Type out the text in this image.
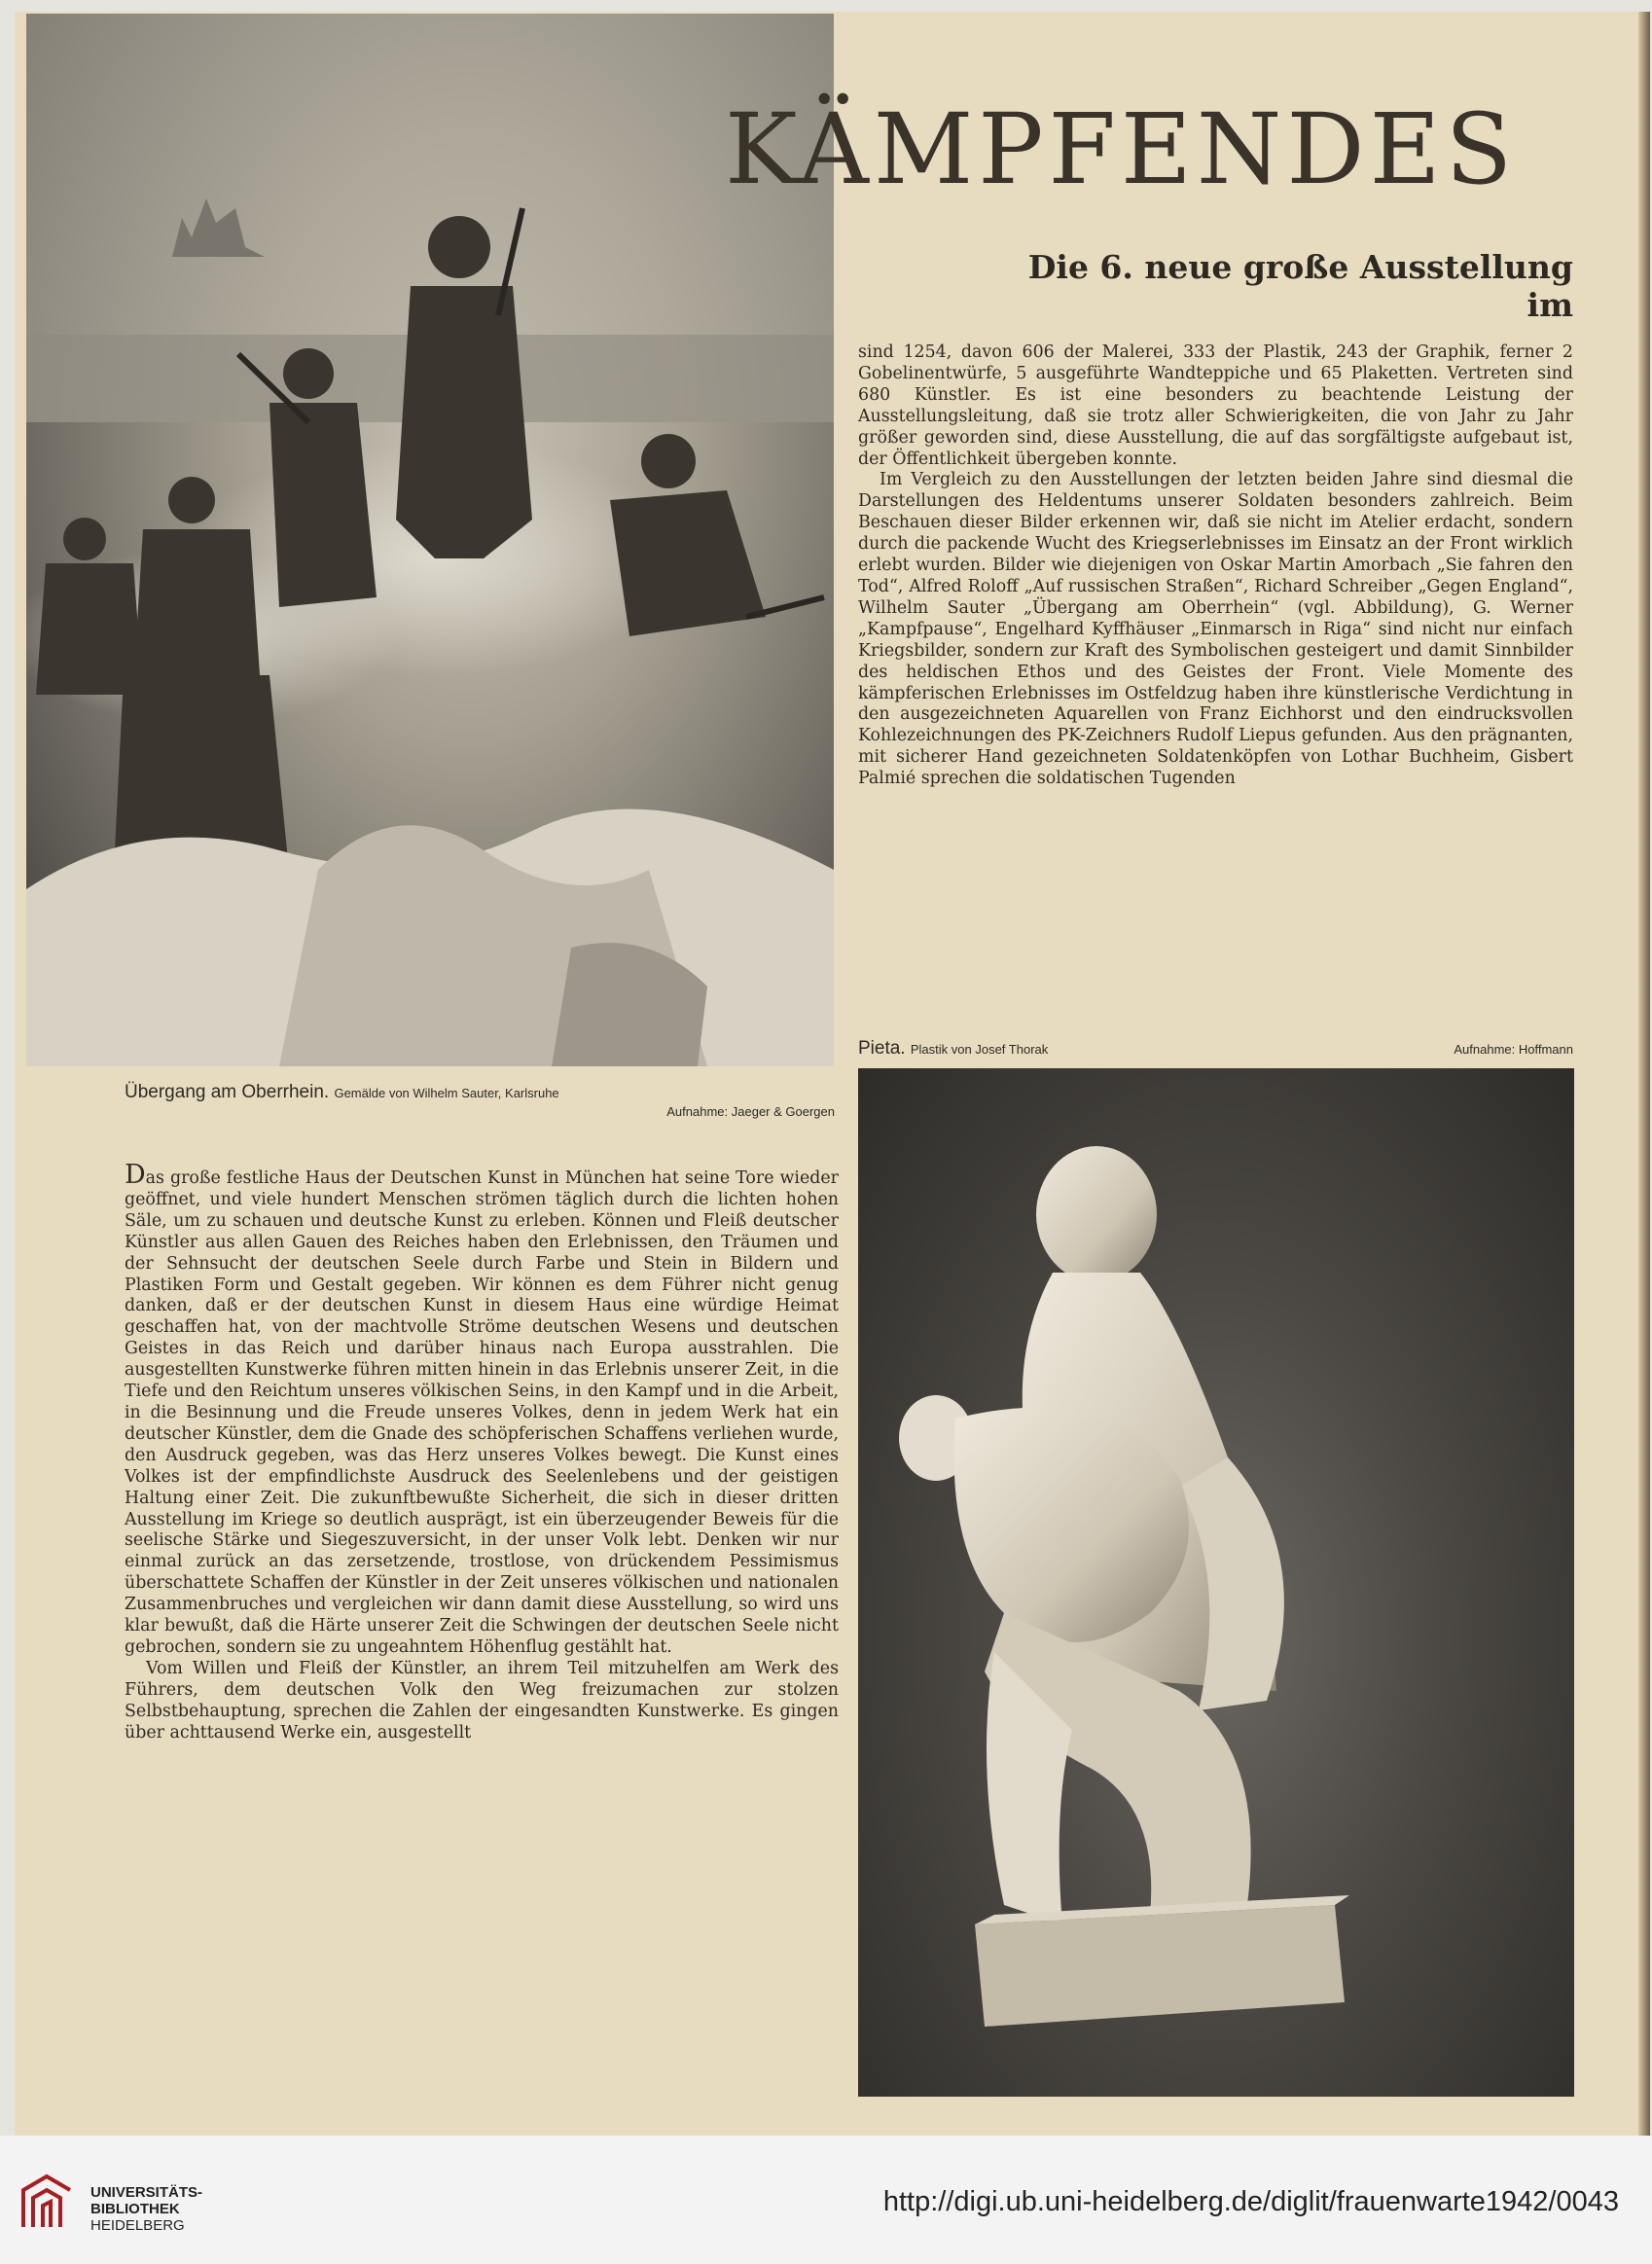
KÄMPFENDES
Die 6. neue große Ausstellung im

sind 1254, davon 606 der Malerei, 333 der Plastik, 243 der Graphik, ferner 2 Gobelinentwürfe, 5 ausgeführte Wandteppiche und 65 Plaketten. Vertreten sind 680 Künstler. Es ist eine besonders zu beachtende Leistung der Ausstellungsleitung, daß sie trotz aller Schwierigkeiten, die von Jahr zu Jahr größer geworden sind, diese Ausstellung, die auf das sorgfältigste aufgebaut ist, der Öffentlichkeit übergeben konnte.

Im Vergleich zu den Ausstellungen der letzten beiden Jahre sind diesmal die Darstellungen des Heldentums unserer Soldaten besonders zahlreich. Beim Beschauen dieser Bilder erkennen wir, daß sie nicht im Atelier erdacht, sondern durch die packende Wucht des Kriegserlebnisses im Einsatz an der Front wirklich erlebt wurden. Bilder wie diejenigen von Oskar Martin Amorbach „Sie fahren den Tod“, Alfred Roloff „Auf russischen Straßen“, Richard Schreiber „Gegen England“, Wilhelm Sauter „Übergang am Oberrhein“ (vgl. Abbildung), G. Werner „Kampfpause“, Engelhard Kyffhäuser „Einmarsch in Riga“ sind nicht nur einfach Kriegsbilder, sondern zur Kraft des Symbolischen gesteigert und damit Sinnbilder des heldischen Ethos und des Geistes der Front. Viele Momente des kämpferischen Erlebnisses im Ostfeldzug haben ihre künstlerische Verdichtung in den ausgezeichneten Aquarellen von Franz Eichhorst und den eindrucksvollen Kohlezeichnungen des PK-Zeichners Rudolf Liepus gefunden. Aus den prägnanten, mit sicherer Hand gezeichneten Soldatenköpfen von Lothar Buchheim, Gisbert Palmié sprechen die soldatischen Tugenden

Übergang am Oberrhein. Gemälde von Wilhelm Sauter, Karlsruhe
Aufnahme: Jaeger & Goergen
Pieta. Plastik von Josef Thorak	Aufnahme: Hoffmann

Das große festliche Haus der Deutschen Kunst in München hat seine Tore wieder geöffnet, und viele hundert Menschen strömen täglich durch die lichten hohen Säle, um zu schauen und deutsche Kunst zu erleben. Können und Fleiß deutscher Künstler aus allen Gauen des Reiches haben den Erlebnissen, den Träumen und der Sehnsucht der deutschen Seele durch Farbe und Stein in Bildern und Plastiken Form und Gestalt gegeben. Wir können es dem Führer nicht genug danken, daß er der deutschen Kunst in diesem Haus eine würdige Heimat geschaffen hat, von der machtvolle Ströme deutschen Wesens und deutschen Geistes in das Reich und darüber hinaus nach Europa ausstrahlen. Die ausgestellten Kunstwerke führen mitten hinein in das Erlebnis unserer Zeit, in die Tiefe und den Reichtum unseres völkischen Seins, in den Kampf und in die Arbeit, in die Besinnung und die Freude unseres Volkes, denn in jedem Werk hat ein deutscher Künstler, dem die Gnade des schöpferischen Schaffens verliehen wurde, den Ausdruck gegeben, was das Herz unseres Volkes bewegt. Die Kunst eines Volkes ist der empfindlichste Ausdruck des Seelenlebens und der geistigen Haltung einer Zeit. Die zukunftbewußte Sicherheit, die sich in dieser dritten Ausstellung im Kriege so deutlich ausprägt, ist ein überzeugender Beweis für die seelische Stärke und Siegeszuversicht, in der unser Volk lebt. Denken wir nur einmal zurück an das zersetzende, trostlose, von drückendem Pessimismus überschattete Schaffen der Künstler in der Zeit unseres völkischen und nationalen Zusammenbruches und vergleichen wir dann damit diese Ausstellung, so wird uns klar bewußt, daß die Härte unserer Zeit die Schwingen der deutschen Seele nicht gebrochen, sondern sie zu ungeahntem Höhenflug gestählt hat.

Vom Willen und Fleiß der Künstler, an ihrem Teil mitzuhelfen am Werk des Führers, dem deutschen Volk den Weg freizumachen zur stolzen Selbstbehauptung, sprechen die Zahlen der eingesandten Kunstwerke. Es gingen über achttausend Werke ein, ausgestellt

UNIVERSITÄTS-
BIBLIOTHEK
HEIDELBERG
http://digi.ub.uni-heidelberg.de/diglit/frauenwarte1942/0043
